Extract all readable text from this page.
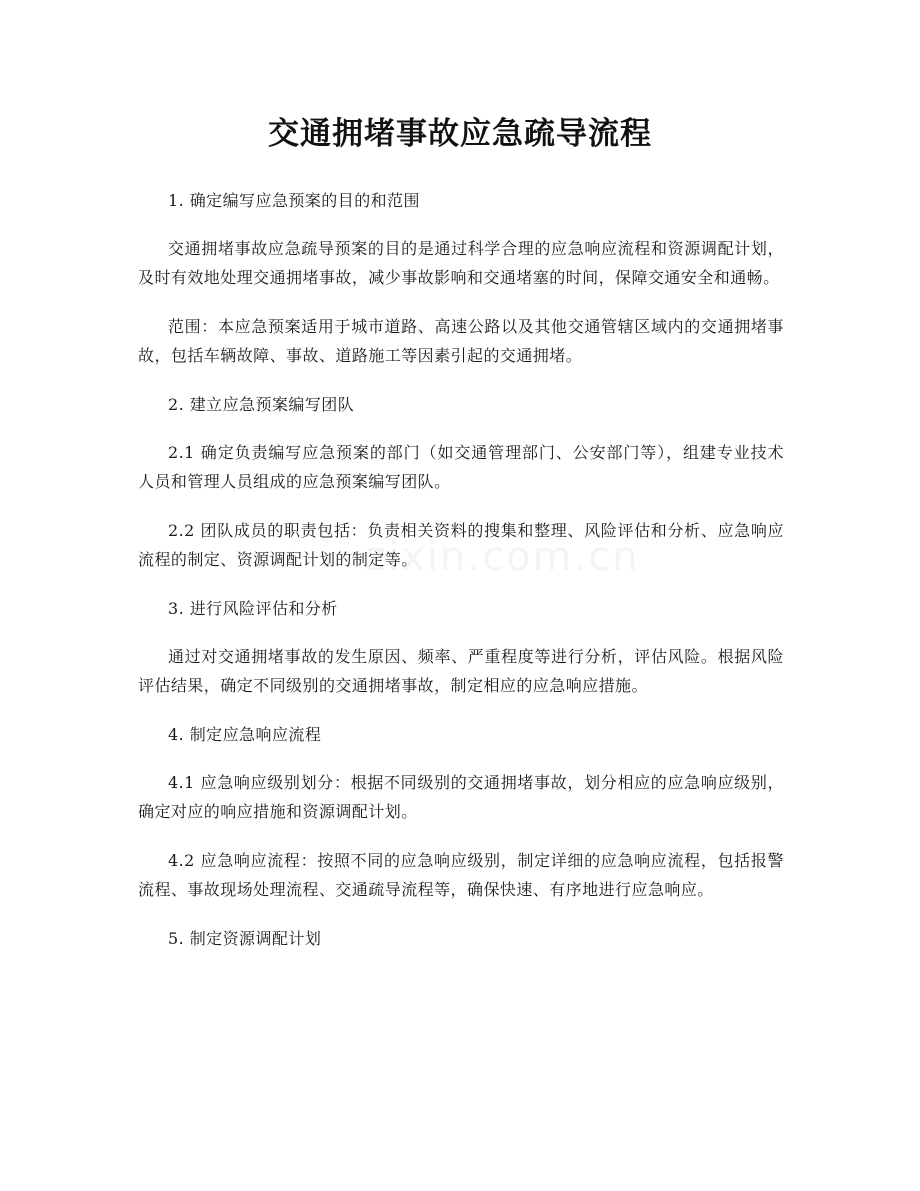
交通拥堵事故应急疏导流程

1. 确定编写应急预案的目的和范围

交通拥堵事故应急疏导预案的目的是通过科学合理的应急响应流程和资源调配计划，及时有效地处理交通拥堵事故，减少事故影响和交通堵塞的时间，保障交通安全和通畅。

范围：本应急预案适用于城市道路、高速公路以及其他交通管辖区域内的交通拥堵事故，包括车辆故障、事故、道路施工等因素引起的交通拥堵。

2. 建立应急预案编写团队

2.1 确定负责编写应急预案的部门（如交通管理部门、公安部门等），组建专业技术人员和管理人员组成的应急预案编写团队。

2.2 团队成员的职责包括：负责相关资料的搜集和整理、风险评估和分析、应急响应流程的制定、资源调配计划的制定等。

3. 进行风险评估和分析

通过对交通拥堵事故的发生原因、频率、严重程度等进行分析，评估风险。根据风险评估结果，确定不同级别的交通拥堵事故，制定相应的应急响应措施。

4. 制定应急响应流程

4.1 应急响应级别划分：根据不同级别的交通拥堵事故，划分相应的应急响应级别，确定对应的响应措施和资源调配计划。

4.2 应急响应流程：按照不同的应急响应级别，制定详细的应急响应流程，包括报警流程、事故现场处理流程、交通疏导流程等，确保快速、有序地进行应急响应。

5. 制定资源调配计划
